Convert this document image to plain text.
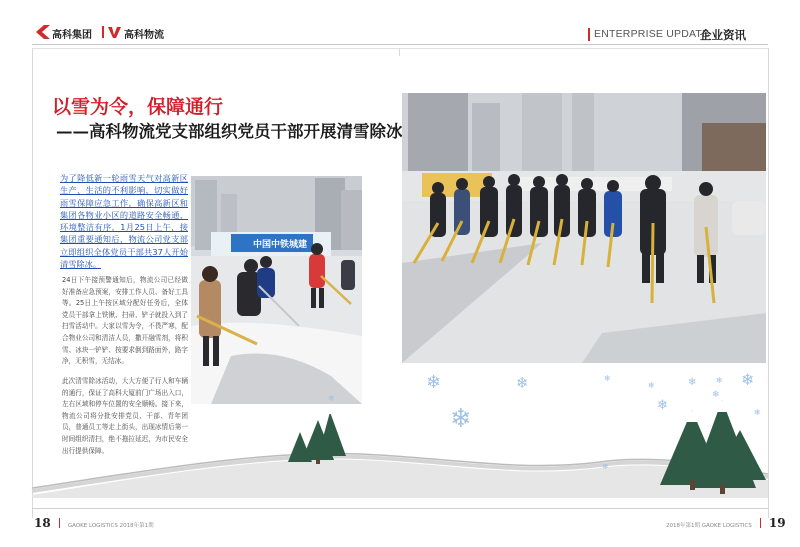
高科集团	高科物流	ENTERPRISE UPDATE
企业资讯
以雪为令，保障通行
——高科物流党支部组织党员干部开展清雪除冰
为了降低新一轮雨雪天气对高新区生产、生活的不利影响，切实做好雨雪保障应急工作，确保高新区和集团各物业小区的道路安全畅通，环境整洁有序，1月25日上午，接集团重要通知后，物流公司党支部立即组织全体党员干部共37人开始清雪除冰。
中国中铁城建
24日下午接预警通知后，物流公司已经做好准备应急预案，安排工作人员、备好工具等。25日上午按区域分配好任务后，全体党员干部拿上铁锹、扫帚、铲子就投入到了扫雪活动中。大家以雪为令，不畏严寒，配合物业公司和清洁人员，撒开融雪剂，将积雪、冰块一铲铲、按要求倒到路面外，路字净，无积雪，无结冰。
此次清雪除冰活动，大大方便了行人和车辆的通行，保证了高科大厦前门广场出入口，左右区域和停车位置的安全顺畅。接下来，物流公司将分批安排党员、干部、青年团员，普通员工等走上街头，出现冰情后第一时间组织清扫，绝不拖拉延迟，为市民安全出行提供保障。
❄	❄	❄
❄	❄ ❄ ❄
❄
❄
❄	❄
❄
❄
18	GAOKE LOGISTICS 2018年第1期	2018年第1期 GAOKE LOGISTICS 19
